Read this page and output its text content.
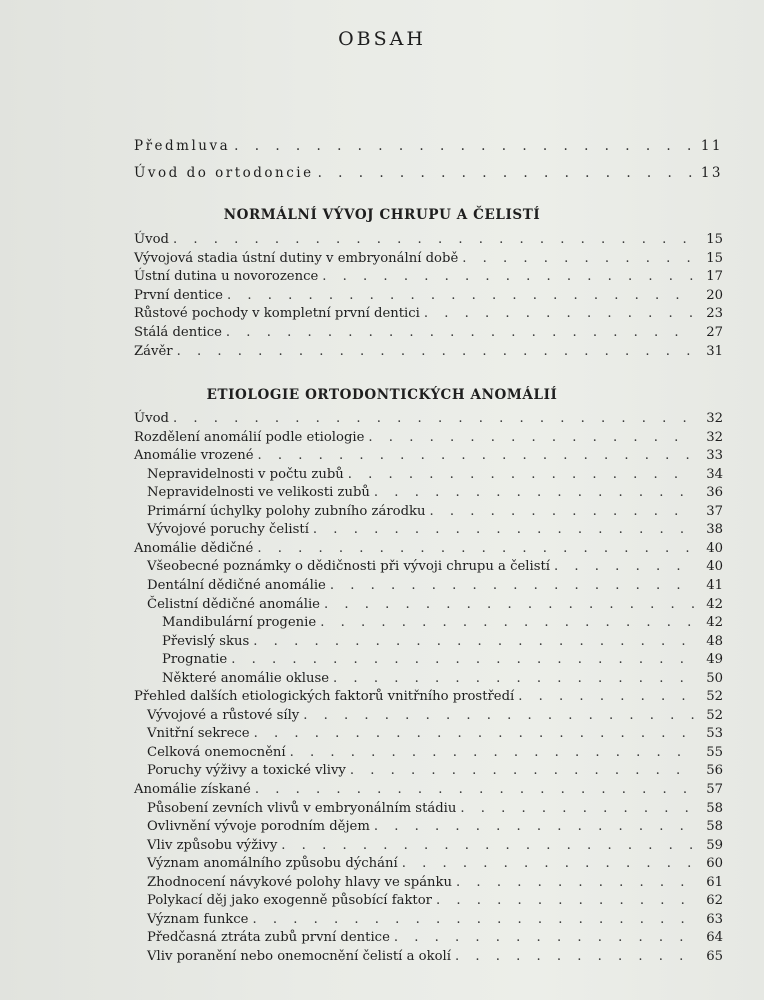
OBSAH
Předmluva . . .	11
Úvod do ortodoncie . . .	13
NORMÁLNÍ VÝVOJ CHRUPU A ČELISTÍ
Úvod . . .	15
Vývojová stadia ústní dutiny v embryonální době . . .	15
Ústní dutina u novorozence . . .	17
První dentice . . .	20
Růstové pochody v kompletní první dentici . . .	23
Stálá dentice . . .	27
Závěr . . .	31
ETIOLOGIE ORTODONTICKÝCH ANOMÁLIÍ
Úvod . . .	32
Rozdělení anomálií podle etiologie . . .	32
Anomálie vrozené . . .	33
Nepravidelnosti v počtu zubů . . .	34
Nepravidelnosti ve velikosti zubů . . .	36
Primární úchylky polohy zubního zárodku . . .	37
Vývojové poruchy čelistí . . .	38
Anomálie dědičné . . .	40
Všeobecné poznámky o dědičnosti při vývoji chrupu a čelistí . . .	40
Dentální dědičné anomálie . . .	41
Čelistní dědičné anomálie . . .	42
Mandibulární progenie . . .	42
Převislý skus . . .	48
Prognatie . . .	49
Některé anomálie okluse . . .	50
Přehled dalších etiologických faktorů vnitřního prostředí . . .	52
Vývojové a růstové síly . . .	52
Vnitřní sekrece . . .	53
Celková onemocnění . . .	55
Poruchy výživy a toxické vlivy . . .	56
Anomálie získané . . .	57
Působení zevních vlivů v embryonálním stádiu . . .	58
Ovlivnění vývoje porodním dějem . . .	58
Vliv způsobu výživy . . .	59
Význam anomálního způsobu dýchání . . .	60
Zhodnocení návykové polohy hlavy ve spánku . . .	61
Polykací děj jako exogenně působící faktor . . .	62
Význam funkce . . .	63
Předčasná ztráta zubů první dentice . . .	64
Vliv poranění nebo onemocnění čelistí a okolí . . .	65
